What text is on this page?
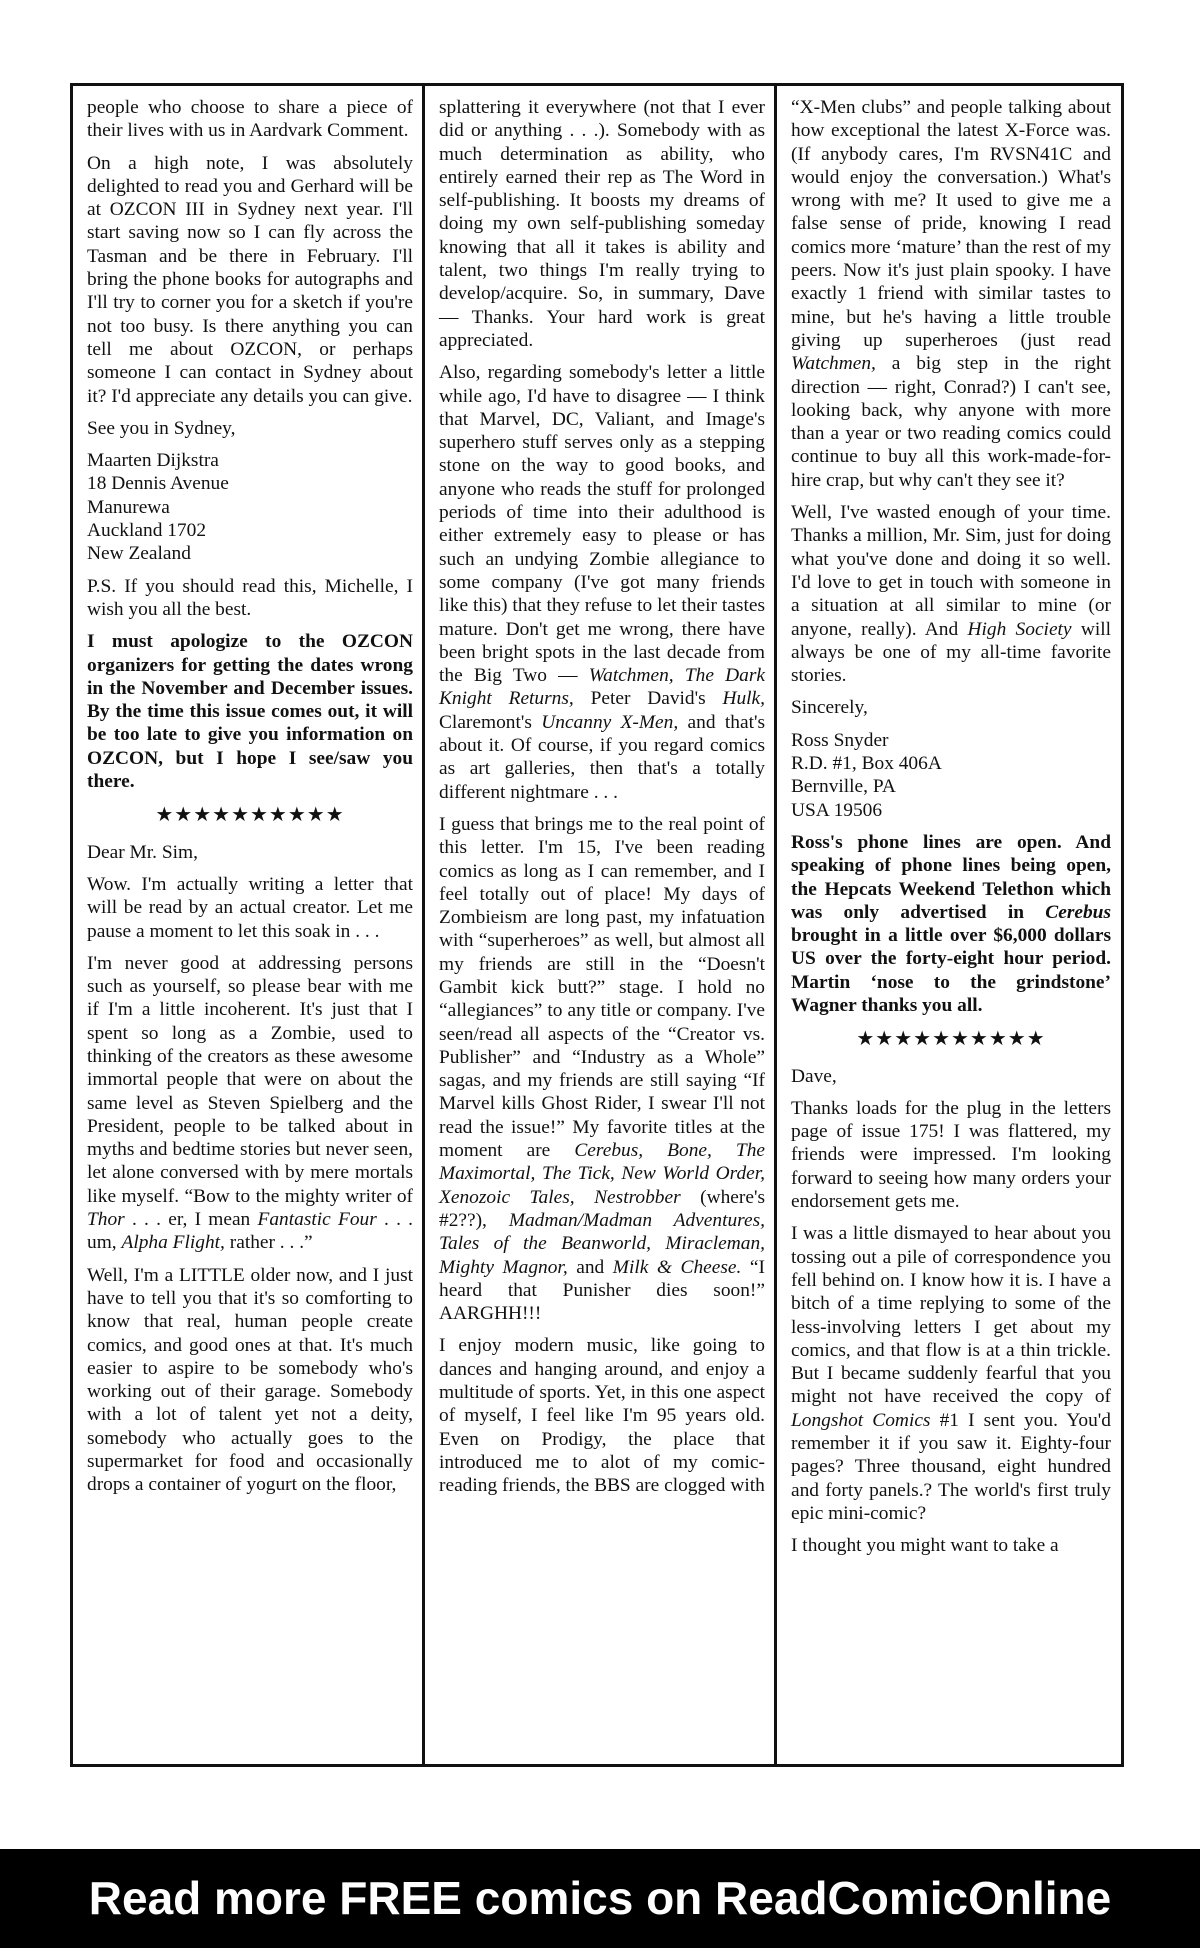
people who choose to share a piece of their lives with us in Aardvark Comment.

On a high note, I was absolutely delighted to read you and Gerhard will be at OZCON III in Sydney next year. I'll start saving now so I can fly across the Tasman and be there in February. I'll bring the phone books for autographs and I'll try to corner you for a sketch if you're not too busy. Is there anything you can tell me about OZCON, or perhaps someone I can contact in Sydney about it? I'd appreciate any details you can give.

See you in Sydney,

Maarten Dijkstra
18 Dennis Avenue
Manurewa
Auckland 1702
New Zealand

P.S. If you should read this, Michelle, I wish you all the best.

I must apologize to the OZCON organizers for getting the dates wrong in the November and December issues. By the time this issue comes out, it will be too late to give you information on OZCON, but I hope I see/saw you there.

★★★★★★★★★★

Dear Mr. Sim,

Wow. I'm actually writing a letter that will be read by an actual creator. Let me pause a moment to let this soak in . . .

I'm never good at addressing persons such as yourself, so please bear with me if I'm a little incoherent. It's just that I spent so long as a Zombie, used to thinking of the creators as these awesome immortal people that were on about the same level as Steven Spielberg and the President, people to be talked about in myths and bedtime stories but never seen, let alone conversed with by mere mortals like myself. “Bow to the mighty writer of Thor . . . er, I mean Fantastic Four . . . um, Alpha Flight, rather . . .”

Well, I'm a LITTLE older now, and I just have to tell you that it's so comforting to know that real, human people create comics, and good ones at that. It's much easier to aspire to be somebody who's working out of their garage. Somebody with a lot of talent yet not a deity, somebody who actually goes to the supermarket for food and occasionally drops a container of yogurt on the floor,

splattering it everywhere (not that I ever did or anything . . .). Somebody with as much determination as ability, who entirely earned their rep as The Word in self-publishing. It boosts my dreams of doing my own self-publishing someday knowing that all it takes is ability and talent, two things I'm really trying to develop/acquire. So, in summary, Dave — Thanks. Your hard work is great appreciated.

Also, regarding somebody's letter a little while ago, I'd have to disagree — I think that Marvel, DC, Valiant, and Image's superhero stuff serves only as a stepping stone on the way to good books, and anyone who reads the stuff for prolonged periods of time into their adulthood is either extremely easy to please or has such an undying Zombie allegiance to some company (I've got many friends like this) that they refuse to let their tastes mature. Don't get me wrong, there have been bright spots in the last decade from the Big Two — Watchmen, The Dark Knight Returns, Peter David's Hulk, Claremont's Uncanny X-Men, and that's about it. Of course, if you regard comics as art galleries, then that's a totally different nightmare . . .

I guess that brings me to the real point of this letter. I'm 15, I've been reading comics as long as I can remember, and I feel totally out of place! My days of Zombieism are long past, my infatuation with “superheroes” as well, but almost all my friends are still in the “Doesn't Gambit kick butt?” stage. I hold no “allegiances” to any title or company. I've seen/read all aspects of the “Creator vs. Publisher” and “Industry as a Whole” sagas, and my friends are still saying “If Marvel kills Ghost Rider, I swear I'll not read the issue!” My favorite titles at the moment are Cerebus, Bone, The Maximortal, The Tick, New World Order, Xenozoic Tales, Nestrobber (where's #2??), Madman/Madman Adventures, Tales of the Beanworld, Miracleman, Mighty Magnor, and Milk & Cheese. “I heard that Punisher dies soon!” AARGHH!!!

I enjoy modern music, like going to dances and hanging around, and enjoy a multitude of sports. Yet, in this one aspect of myself, I feel like I'm 95 years old. Even on Prodigy, the place that introduced me to alot of my comic-reading friends, the BBS are clogged with

“X-Men clubs” and people talking about how exceptional the latest X-Force was. (If anybody cares, I'm RVSN41C and would enjoy the conversation.) What's wrong with me? It used to give me a false sense of pride, knowing I read comics more ‘mature’ than the rest of my peers. Now it's just plain spooky. I have exactly 1 friend with similar tastes to mine, but he's having a little trouble giving up superheroes (just read Watchmen, a big step in the right direction — right, Conrad?) I can't see, looking back, why anyone with more than a year or two reading comics could continue to buy all this work-made-for-hire crap, but why can't they see it?

Well, I've wasted enough of your time. Thanks a million, Mr. Sim, just for doing what you've done and doing it so well. I'd love to get in touch with someone in a situation at all similar to mine (or anyone, really). And High Society will always be one of my all-time favorite stories.

Sincerely,

Ross Snyder
R.D. #1, Box 406A
Bernville, PA
USA 19506

Ross's phone lines are open. And speaking of phone lines being open, the Hepcats Weekend Telethon which was only advertised in Cerebus brought in a little over $6,000 dollars US over the forty-eight hour period. Martin ‘nose to the grindstone’ Wagner thanks you all.

★★★★★★★★★★

Dave,

Thanks loads for the plug in the letters page of issue 175! I was flattered, my friends were impressed. I'm looking forward to seeing how many orders your endorsement gets me.

I was a little dismayed to hear about you tossing out a pile of correspondence you fell behind on. I know how it is. I have a bitch of a time replying to some of the less-involving letters I get about my comics, and that flow is at a thin trickle. But I became suddenly fearful that you might not have received the copy of Longshot Comics #1 I sent you. You'd remember it if you saw it. Eighty-four pages? Three thousand, eight hundred and forty panels.? The world's first truly epic mini-comic?

I thought you might want to take a

Read more FREE comics on ReadComicOnline
